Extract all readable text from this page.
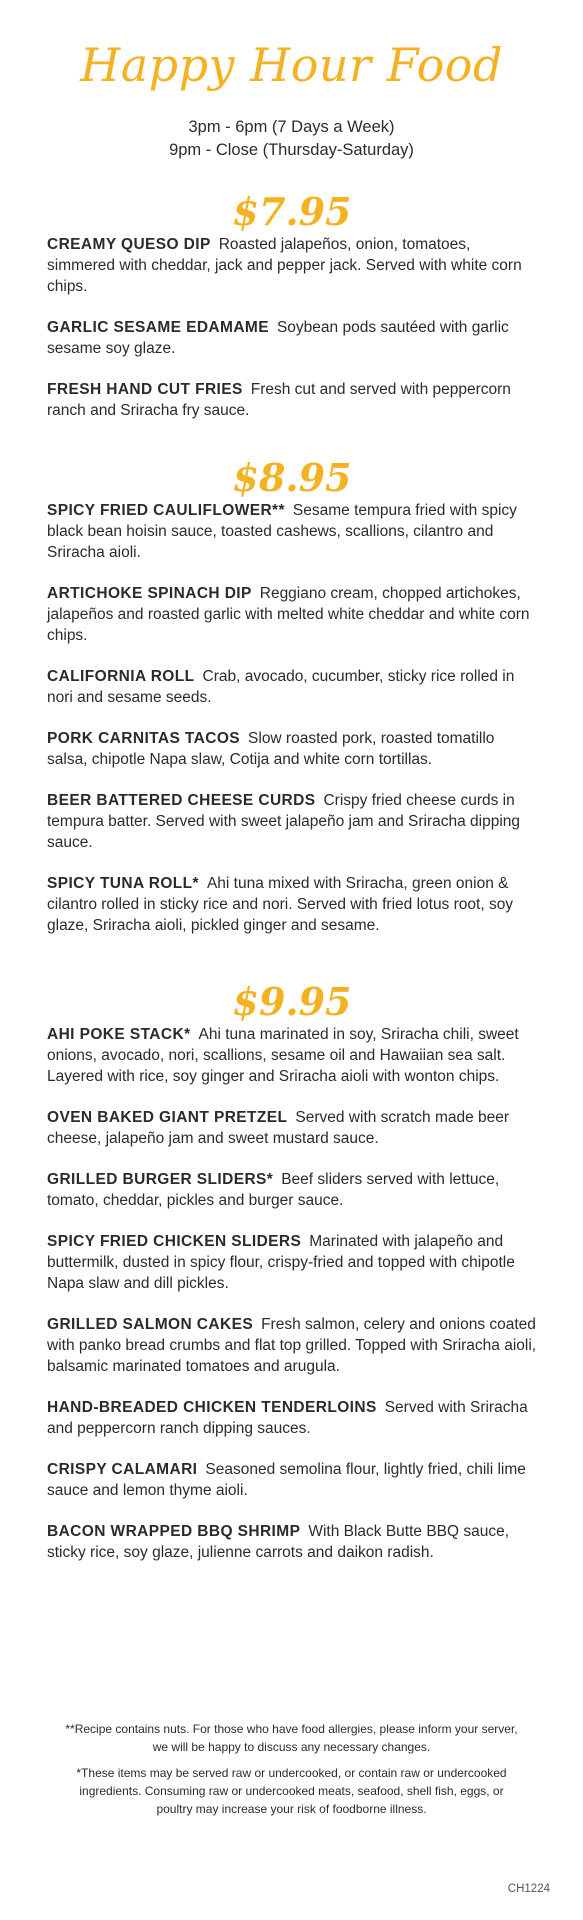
Happy Hour Food
3pm - 6pm (7 Days a Week)
9pm - Close (Thursday-Saturday)
$7.95
CREAMY QUESO DIP Roasted jalapeños, onion, tomatoes, simmered with cheddar, jack and pepper jack. Served with white corn chips.
GARLIC SESAME EDAMAME Soybean pods sautéed with garlic sesame soy glaze.
FRESH HAND CUT FRIES Fresh cut and served with peppercorn ranch and Sriracha fry sauce.
$8.95
SPICY FRIED CAULIFLOWER** Sesame tempura fried with spicy black bean hoisin sauce, toasted cashews, scallions, cilantro and Sriracha aioli.
ARTICHOKE SPINACH DIP Reggiano cream, chopped artichokes, jalapeños and roasted garlic with melted white cheddar and white corn chips.
CALIFORNIA ROLL Crab, avocado, cucumber, sticky rice rolled in nori and sesame seeds.
PORK CARNITAS TACOS Slow roasted pork, roasted tomatillo salsa, chipotle Napa slaw, Cotija and white corn tortillas.
BEER BATTERED CHEESE CURDS Crispy fried cheese curds in tempura batter. Served with sweet jalapeño jam and Sriracha dipping sauce.
SPICY TUNA ROLL* Ahi tuna mixed with Sriracha, green onion & cilantro rolled in sticky rice and nori. Served with fried lotus root, soy glaze, Sriracha aioli, pickled ginger and sesame.
$9.95
AHI POKE STACK* Ahi tuna marinated in soy, Sriracha chili, sweet onions, avocado, nori, scallions, sesame oil and Hawaiian sea salt. Layered with rice, soy ginger and Sriracha aioli with wonton chips.
OVEN BAKED GIANT PRETZEL Served with scratch made beer cheese, jalapeño jam and sweet mustard sauce.
GRILLED BURGER SLIDERS* Beef sliders served with lettuce, tomato, cheddar, pickles and burger sauce.
SPICY FRIED CHICKEN SLIDERS Marinated with jalapeño and buttermilk, dusted in spicy flour, crispy-fried and topped with chipotle Napa slaw and dill pickles.
GRILLED SALMON CAKES Fresh salmon, celery and onions coated with panko bread crumbs and flat top grilled. Topped with Sriracha aioli, balsamic marinated tomatoes and arugula.
HAND-BREADED CHICKEN TENDERLOINS Served with Sriracha and peppercorn ranch dipping sauces.
CRISPY CALAMARI Seasoned semolina flour, lightly fried, chili lime sauce and lemon thyme aioli.
BACON WRAPPED BBQ SHRIMP With Black Butte BBQ sauce, sticky rice, soy glaze, julienne carrots and daikon radish.

**Recipe contains nuts. For those who have food allergies, please inform your server, we will be happy to discuss any necessary changes.

*These items may be served raw or undercooked, or contain raw or undercooked ingredients. Consuming raw or undercooked meats, seafood, shell fish, eggs, or poultry may increase your risk of foodborne illness.

CH1224
